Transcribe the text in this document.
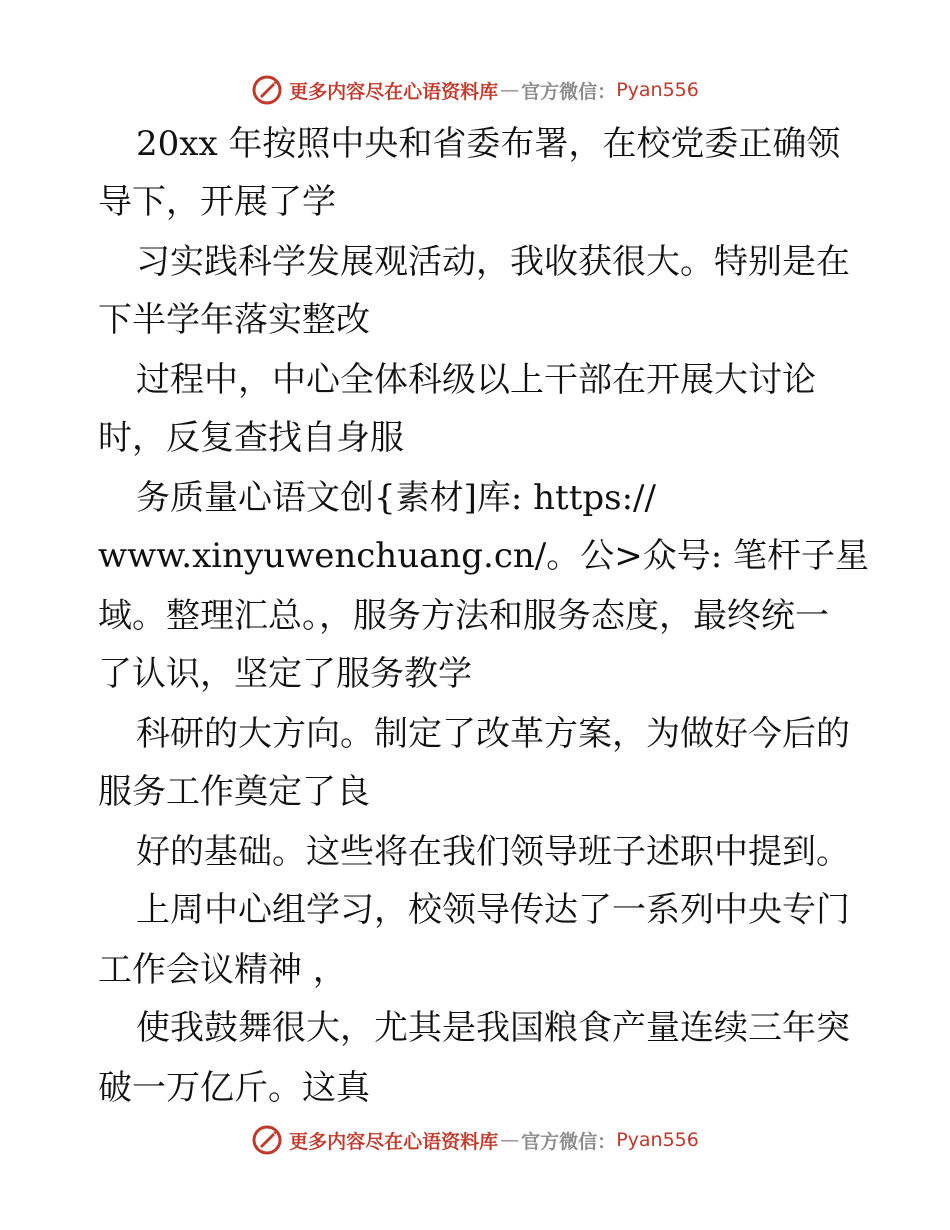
更多内容尽在心语资料库 — 官方微信： Pyan556
20xx 年按照中央和省委布署，在校党委正确领
导下，开展了学
习实践科学发展观活动，我收获很大。特别是在
下半学年落实整改
过程中，中心全体科级以上干部在开展大讨论
时，反复查找自身服
务质量心语文创{素材]库: https://
www.xinyuwenchuang.cn/。公>众号: 笔杆子星
域。整理汇总。，服务方法和服务态度，最终统一
了认识，坚定了服务教学
科研的大方向。制定了改革方案，为做好今后的
服务工作奠定了良
好的基础。这些将在我们领导班子述职中提到。
上周中心组学习，校领导传达了一系列中央专门
工作会议精神 ，
使我鼓舞很大，尤其是我国粮食产量连续三年突
破一万亿斤。这真
更多内容尽在心语资料库 — 官方微信： Pyan556
